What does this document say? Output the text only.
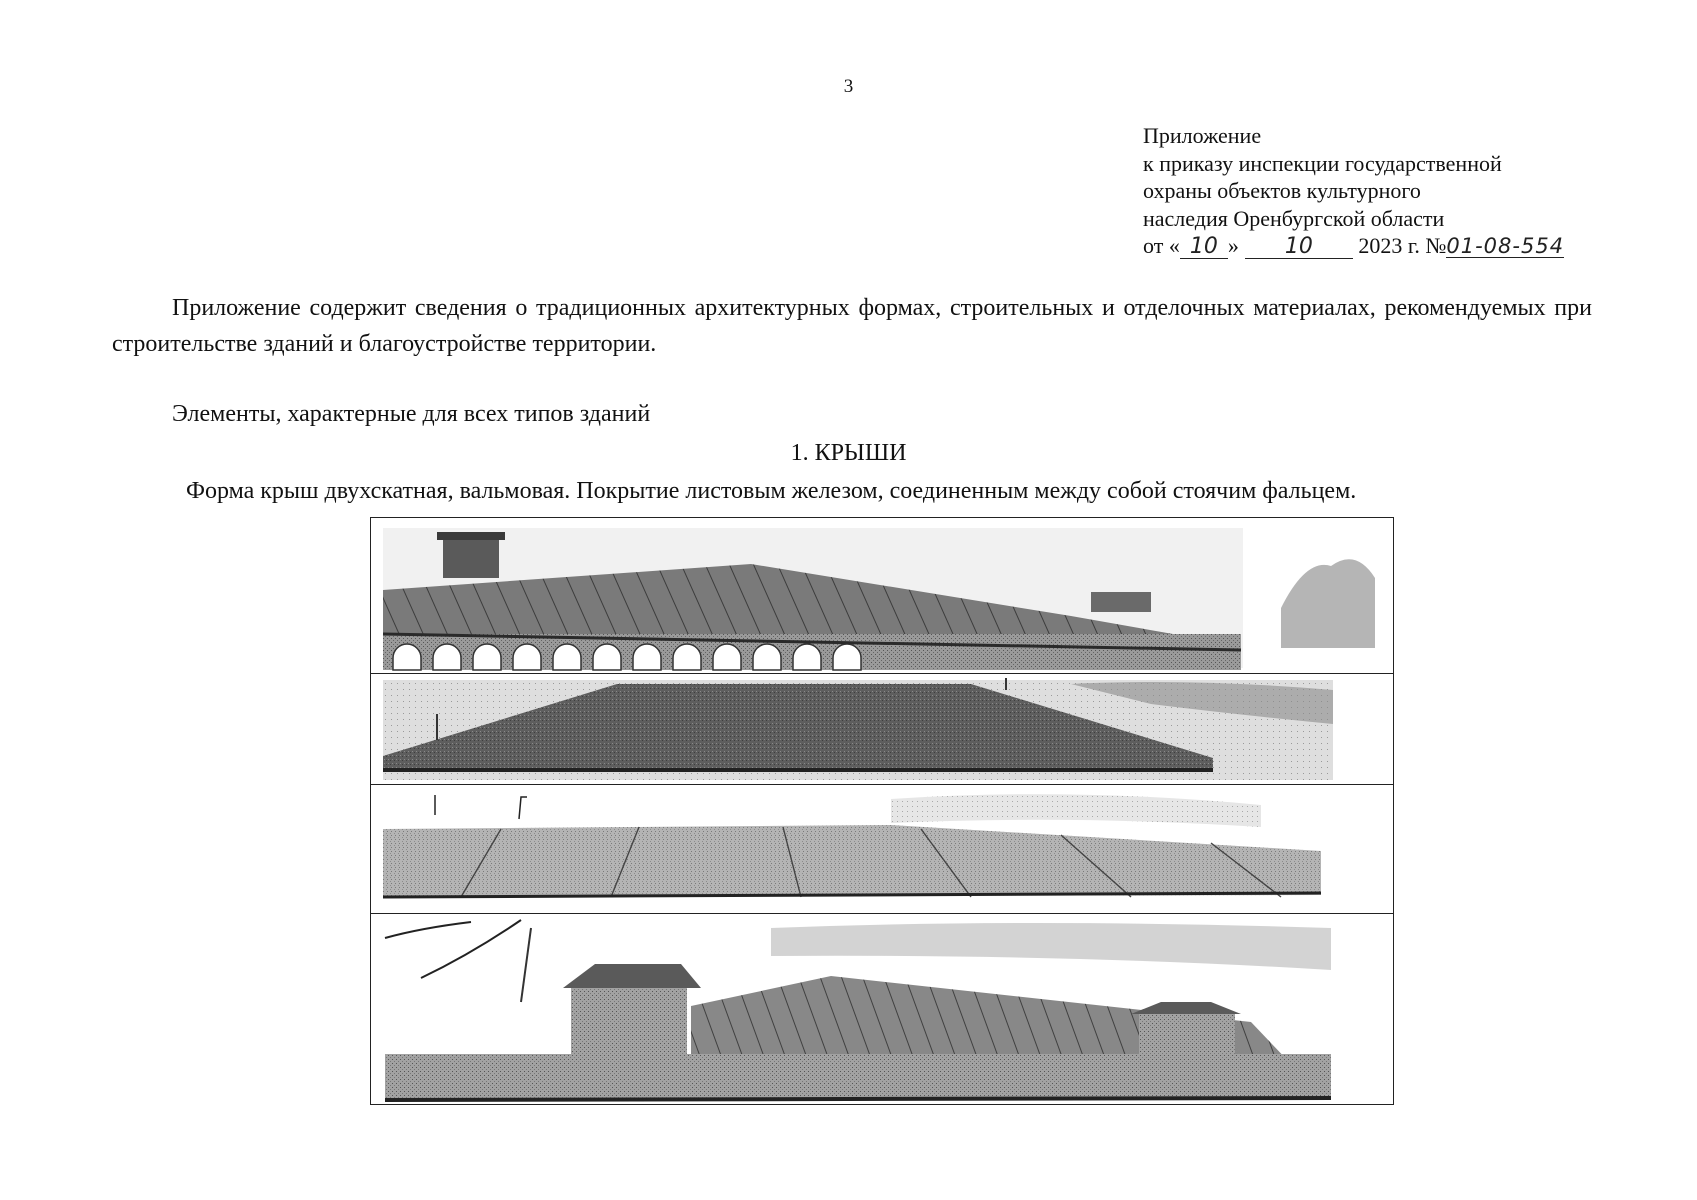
3
Приложение
к приказу инспекции государственной
охраны объектов культурного
наследия Оренбургской области
от « 10 » 10 2023 г. №01-08-554

Приложение содержит сведения о традиционных архитектурных формах, строительных и отделочных материалах, рекомендуемых при строительстве зданий и благоустройстве территории.

Элементы, характерные для всех типов зданий
1. КРЫШИ
Форма крыш двухскатная, вальмовая. Покрытие листовым железом, соединенным между собой стоячим фальцем.
